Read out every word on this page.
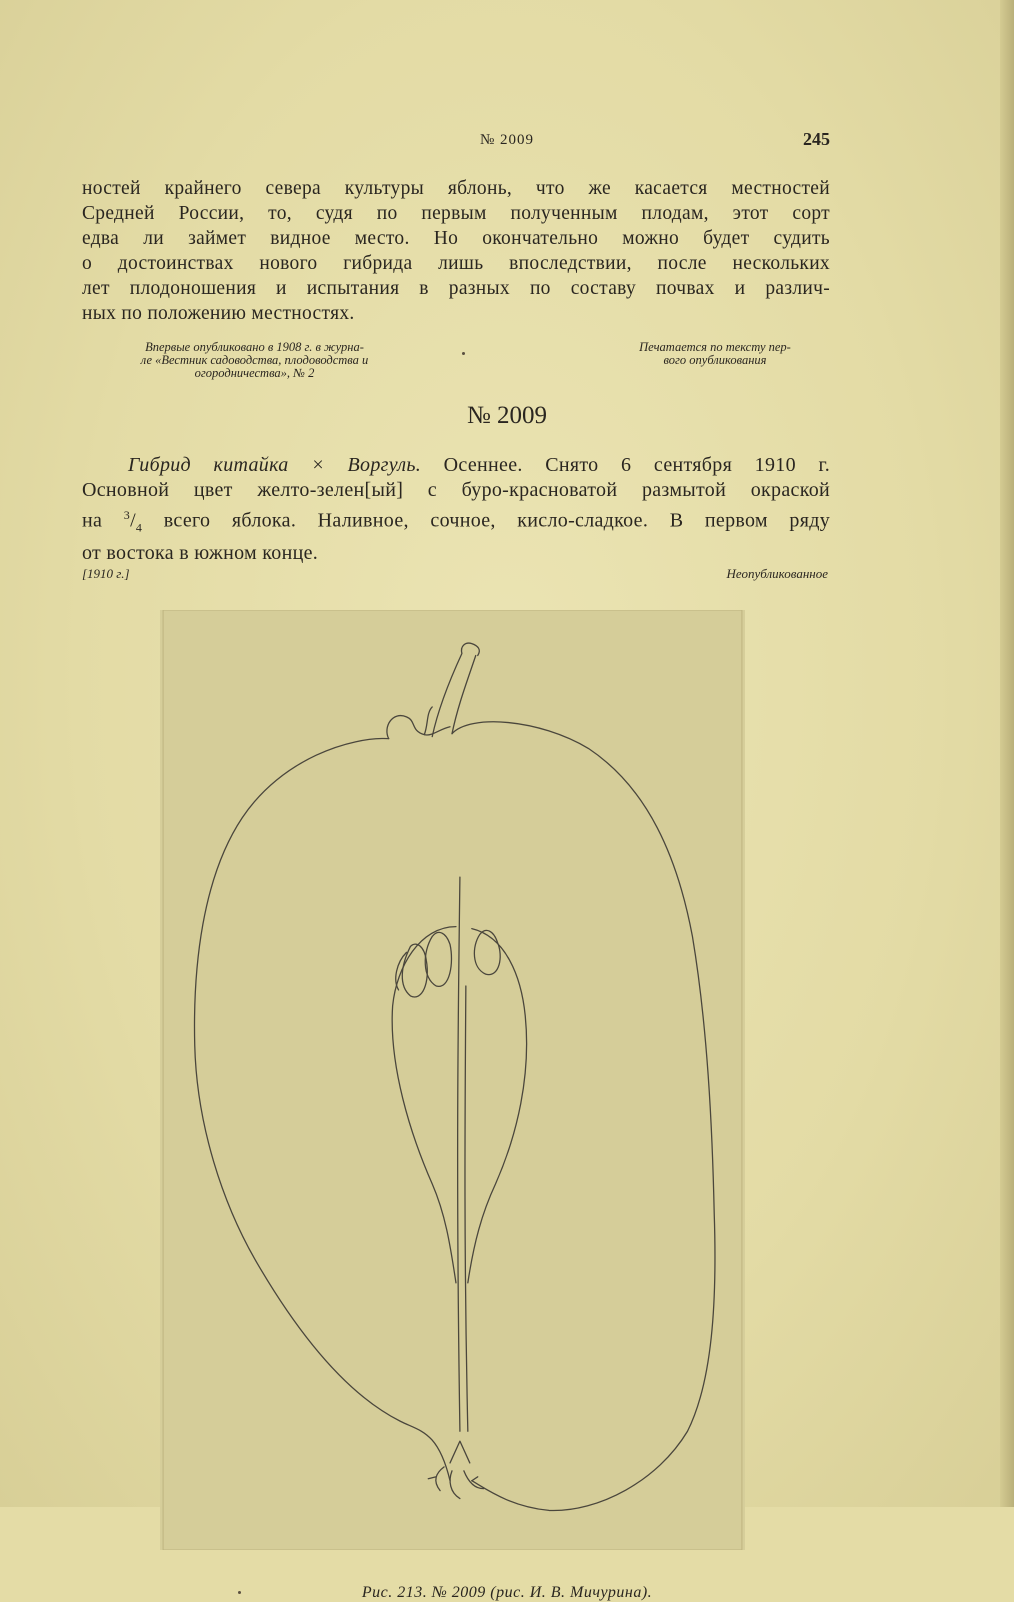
№ 2009	245
ностей крайнего севера культуры яблонь, что же касается местностей
Средней России, то, судя по первым полученным плодам, этот сорт
едва ли займет видное место. Но окончательно можно будет судить
о достоинствах нового гибрида лишь впоследствии, после нескольких
лет плодоношения и испытания в разных по составу почвах и различ-
ных по положению местностях.
Впервые опубликовано в 1908 г. в журна-
ле «Вестник садоводства, плодоводства и
огородничества», № 2
Печатается по тексту пер-
вого опубликования
№ 2009
Гибрид китайка × Воргуль. Осеннее. Снято 6 сентября 1910 г.
Основной цвет желто-зелен[ый] с буро-красноватой размытой окраской
на $^3/_4$ всего яблока. Наливное, сочное, кисло-сладкое. В первом ряду
от востока в южном конце.
[1910 г.]	Неопубликованное
Рис. 213. № 2009 (рис. И. В. Мичурина).
